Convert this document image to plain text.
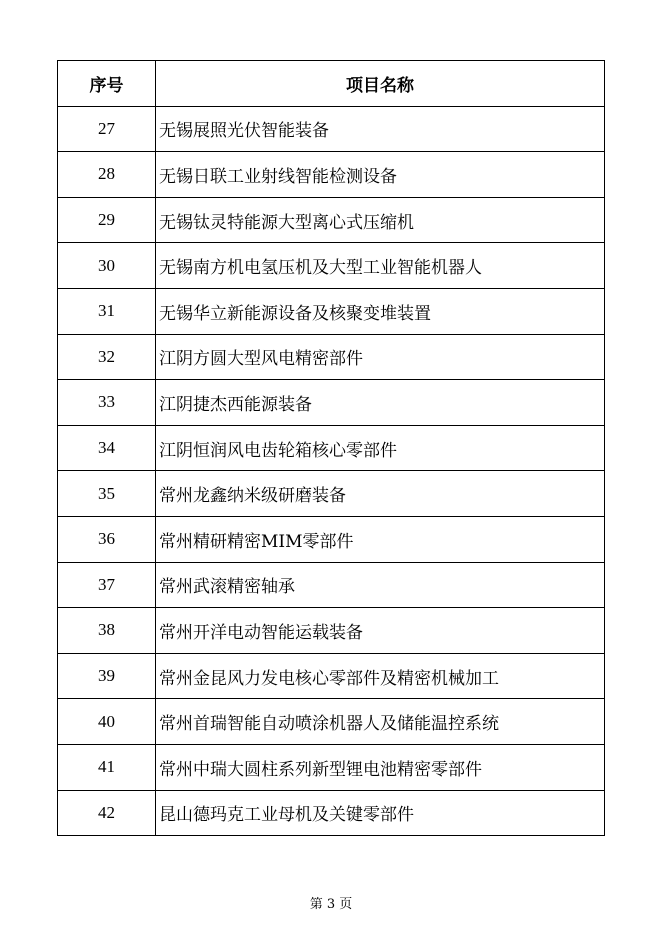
序号	项目名称
27	无锡展照光伏智能装备
28	无锡日联工业射线智能检测设备
29	无锡钛灵特能源大型离心式压缩机
30	无锡南方机电氢压机及大型工业智能机器人
31	无锡华立新能源设备及核聚变堆装置
32	江阴方圆大型风电精密部件
33	江阴捷杰西能源装备
34	江阴恒润风电齿轮箱核心零部件
35	常州龙鑫纳米级研磨装备
36	常州精研精密MIM零部件
37	常州武滚精密轴承
38	常州开洋电动智能运载装备
39	常州金昆风力发电核心零部件及精密机械加工
40	常州首瑞智能自动喷涂机器人及储能温控系统
41	常州中瑞大圆柱系列新型锂电池精密零部件
42	昆山德玛克工业母机及关键零部件
第 3 页
